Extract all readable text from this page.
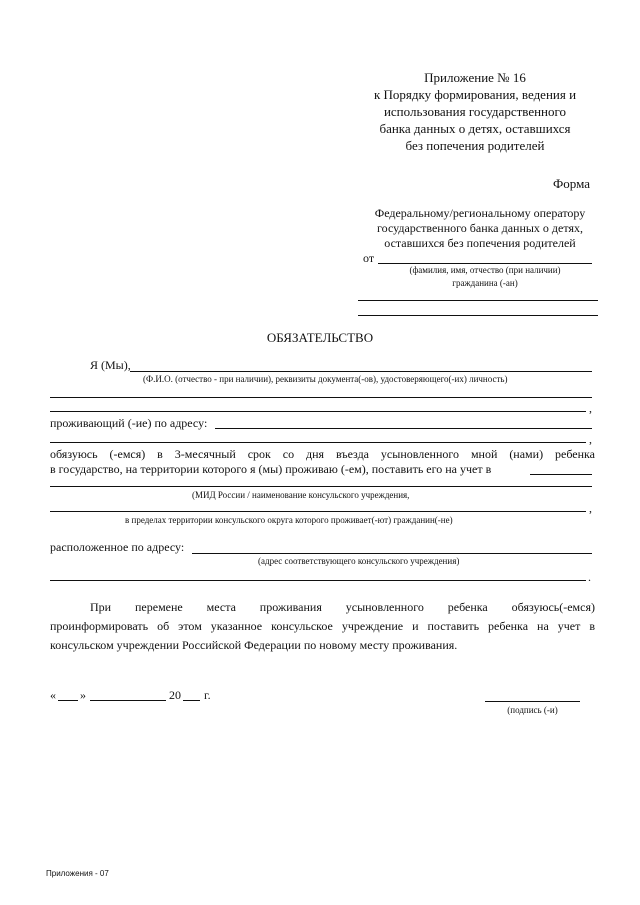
Приложение № 16
к Порядку формирования, ведения и
использования государственного
банка данных о детях, оставшихся
без попечения родителей
Форма
Федеральному/региональному оператору
государственного банка данных о детях,
оставшихся без попечения родителей
от
(фамилия, имя, отчество (при наличии)
гражданина (-ан)
ОБЯЗАТЕЛЬСТВО
Я (Мы),
(Ф.И.О. (отчество - при наличии), реквизиты документа(-ов), удостоверяющего(-их) личность)
,
проживающий (-ие) по адресу:
,
обязуюсь (-емся) в 3-месячный срок со дня въезда усыновленного мной (нами) ребенка
в государство, на территории которого я (мы) проживаю (-ем), поставить его на учет в
(МИД России / наименование консульского учреждения,
,
в пределах территории консульского округа которого проживает(-ют) гражданин(-не)
расположенное по адресу:
(адрес соответствующего консульского учреждения)
.
При перемене места проживания усыновленного ребенка обязуюсь(-емся)
проинформировать об этом указанное консульское учреждение и поставить ребенка на учет в
консульском учреждении Российской Федерации по новому месту проживания.
« »	20 г.
(подпись (-и)
Приложения - 07
